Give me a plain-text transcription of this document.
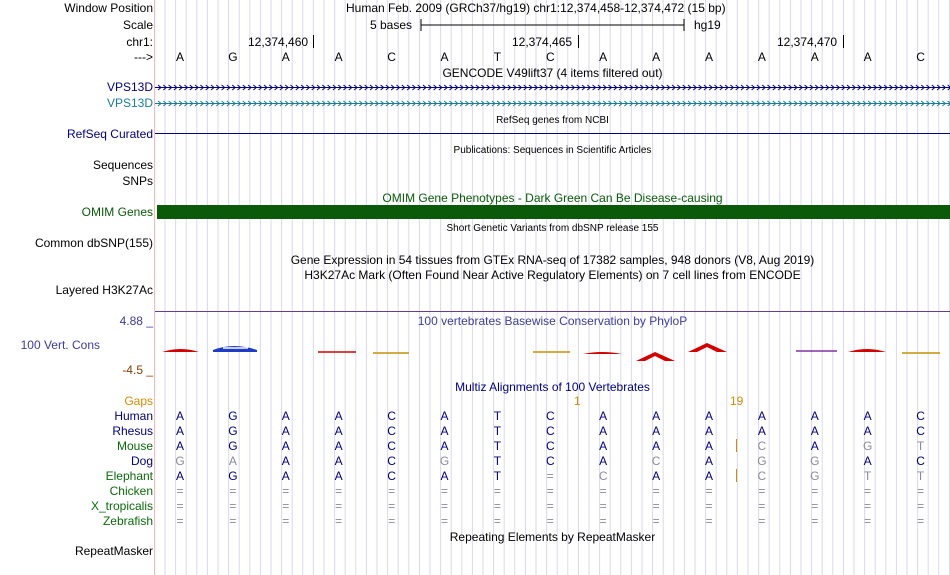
Window Position	Human Feb. 2009 (GRCh37/hg19) chr1:12,374,458-12,374,472 (15 bp)
Scale	5 bases	hg19
chr1:	12,374,460	12,374,465	12,374,470
--->	A	G	A	A	C	A	T	C	A	A	A	A	A	A	C
GENCODE V49lift37 (4 items filtered out)
VPS13D
VPS13D
RefSeq genes from NCBI
RefSeq Curated
Publications: Sequences in Scientific Articles
Sequences
SNPs
OMIM Gene Phenotypes - Dark Green Can Be Disease-causing
OMIM Genes
Short Genetic Variants from dbSNP release 155
Common dbSNP(155)
Gene Expression in 54 tissues from GTEx RNA-seq of 17382 samples, 948 donors (V8, Aug 2019)
H3K27Ac Mark (Often Found Near Active Regulatory Elements) on 7 cell lines from ENCODE
Layered H3K27Ac
100 vertebrates Basewise Conservation by PhyloP
4.88 _
100 Vert. Cons
-4.5 _
Multiz Alignments of 100 Vertebrates
Gaps	1	19
Human	A	G	A	A	C	A	T	C	A	A	A	A	A	A	C
Rhesus	A	G	A	A	C	A	T	C	A	A	A	A	A	A	C
Mouse	A	G	A	A	C	A	T	C	A	A	A	C	A	G	T
Dog	G	A	A	A	C	G	T	C	A	C	A	G	G	A	C
Elephant	A	G	A	A	C	A	T	=	C	A	A	C	G	T	T
Chicken	=	=	=	=	=	=	=	=	=	=	=	=	=	=	=
X_tropicalis	=	=	=	=	=	=	=	=	=	=	=	=	=	=	=
Zebrafish	=	=	=	=	=	=	=	=	=	=	=	=	=	=	=
Repeating Elements by RepeatMasker
RepeatMasker
